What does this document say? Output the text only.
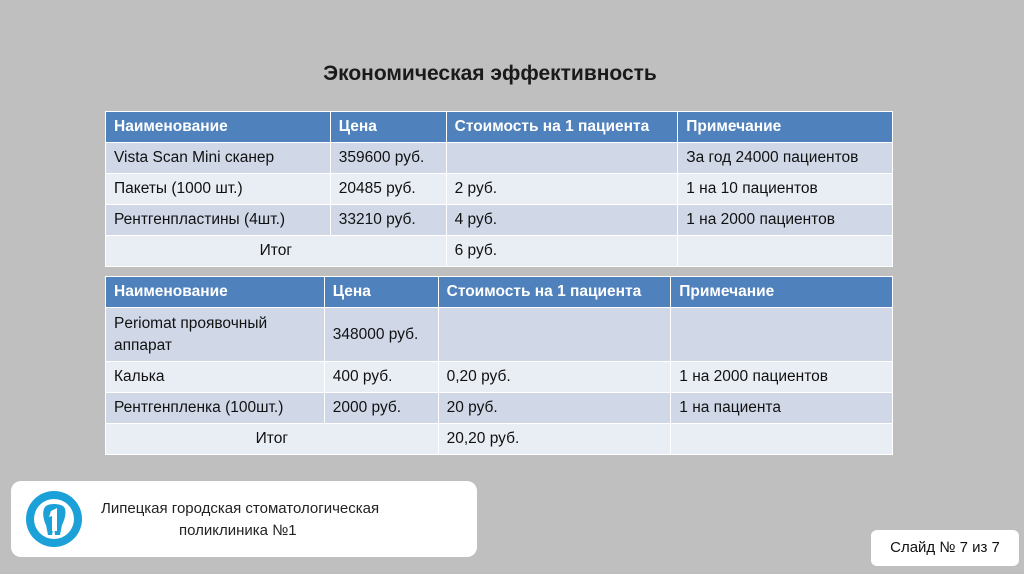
Экономическая эффективность
Наименование	Цена	Стоимость на 1 пациента	Примечание
Vista Scan Mini сканер	359600 руб.		За год 24000 пациентов
Пакеты (1000 шт.)	20485 руб.	2 руб.	1 на 10 пациентов
Рентгенпластины (4шт.)	33210 руб.	4 руб.	1 на 2000 пациентов
Итог		6 руб.	
Наименование	Цена	Стоимость на 1 пациента	Примечание
Periomat проявочный аппарат	348000 руб.		
Калька	400 руб.	0,20 руб.	1 на 2000 пациентов
Рентгенпленка (100шт.)	2000 руб.	20 руб.	1 на пациента
Итог		20,20 руб.	
Липецкая городская стоматологическая
поликлиника №1
Слайд № 7 из 7
